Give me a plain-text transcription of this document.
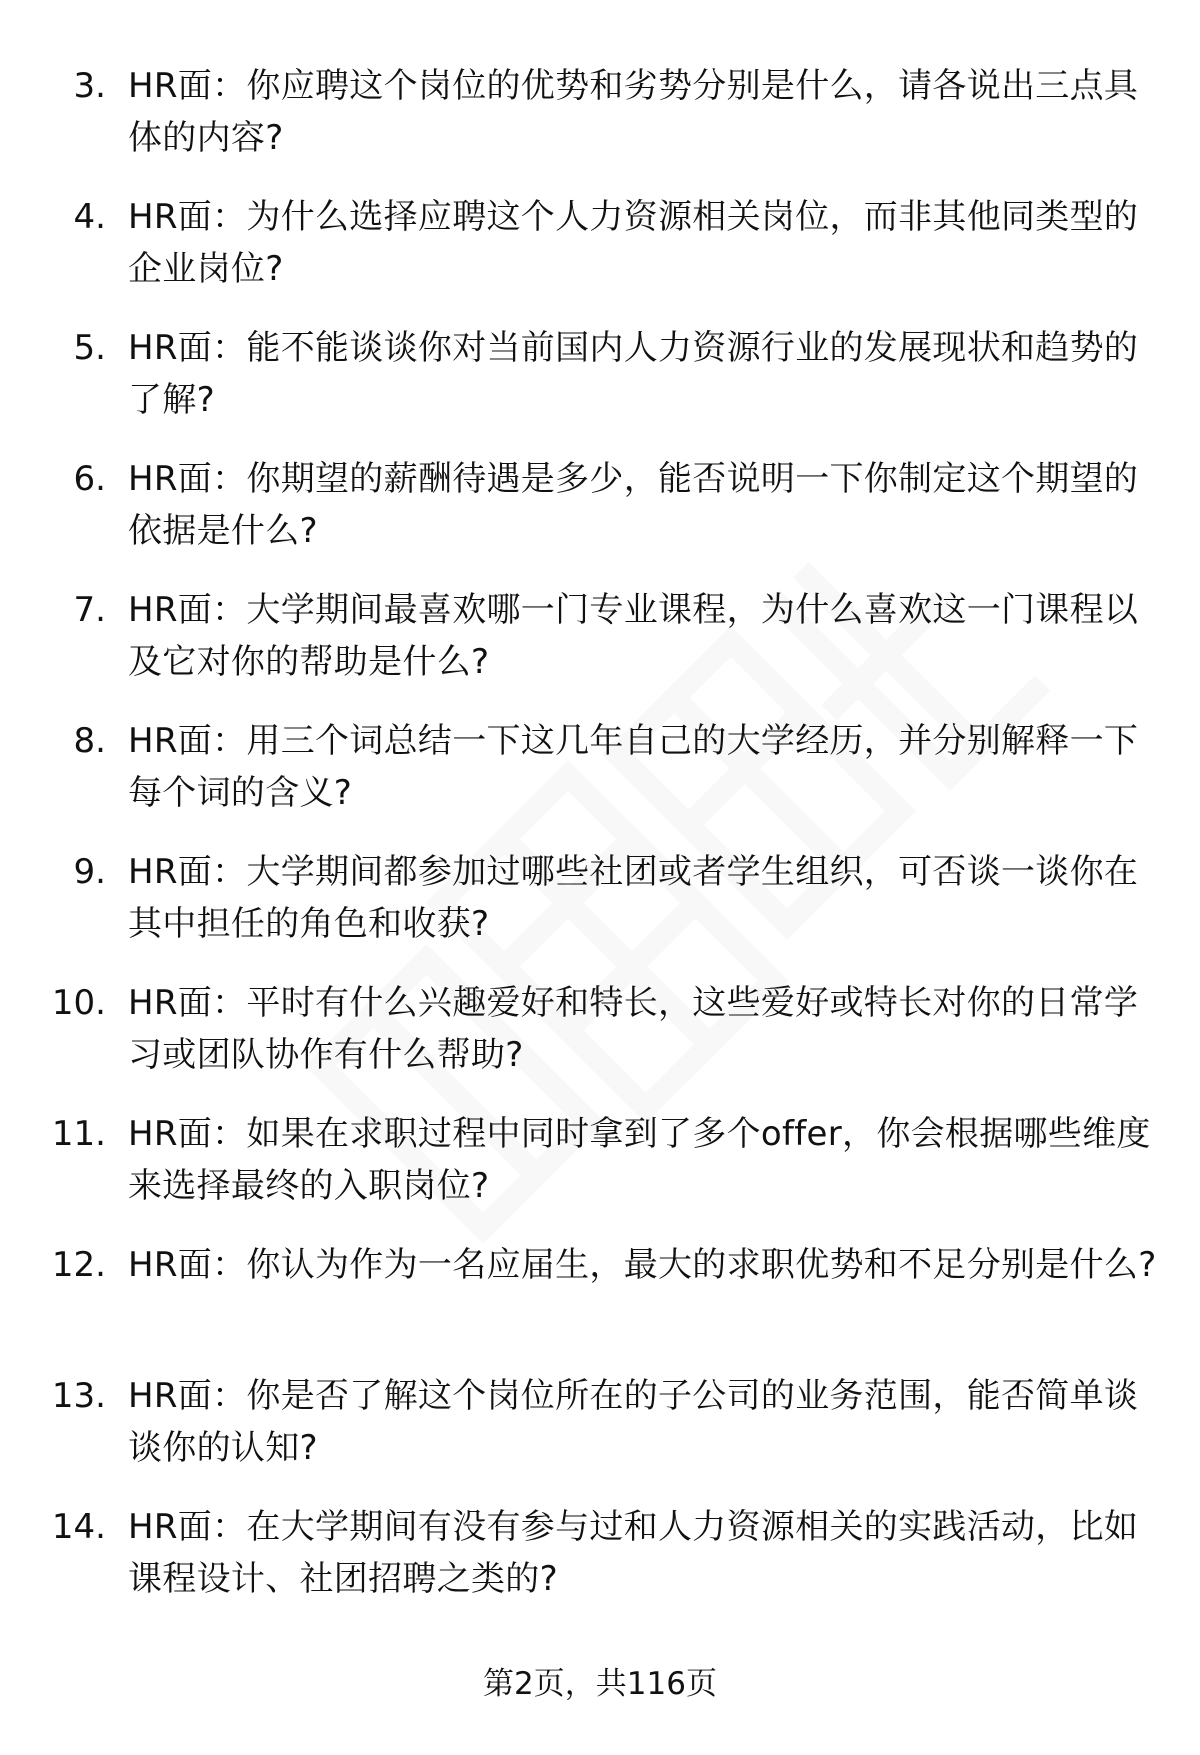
3. HR面：你应聘这个岗位的优势和劣势分别是什么，请各说出三点具体的内容?
4. HR面：为什么选择应聘这个人力资源相关岗位，而非其他同类型的企业岗位?
5. HR面：能不能谈谈你对当前国内人力资源行业的发展现状和趋势的了解?
6. HR面：你期望的薪酬待遇是多少，能否说明一下你制定这个期望的依据是什么?
7. HR面：大学期间最喜欢哪一门专业课程，为什么喜欢这一门课程以及它对你的帮助是什么?
8. HR面：用三个词总结一下这几年自己的大学经历，并分别解释一下每个词的含义?
9. HR面：大学期间都参加过哪些社团或者学生组织，可否谈一谈你在其中担任的角色和收获?
10. HR面：平时有什么兴趣爱好和特长，这些爱好或特长对你的日常学习或团队协作有什么帮助?
11. HR面：如果在求职过程中同时拿到了多个offer，你会根据哪些维度来选择最终的入职岗位?
12. HR面：你认为作为一名应届生，最大的求职优势和不足分别是什么?
13. HR面：你是否了解这个岗位所在的子公司的业务范围，能否简单谈谈你的认知?
14. HR面：在大学期间有没有参与过和人力资源相关的实践活动，比如课程设计、社团招聘之类的?
第2页，共116页
